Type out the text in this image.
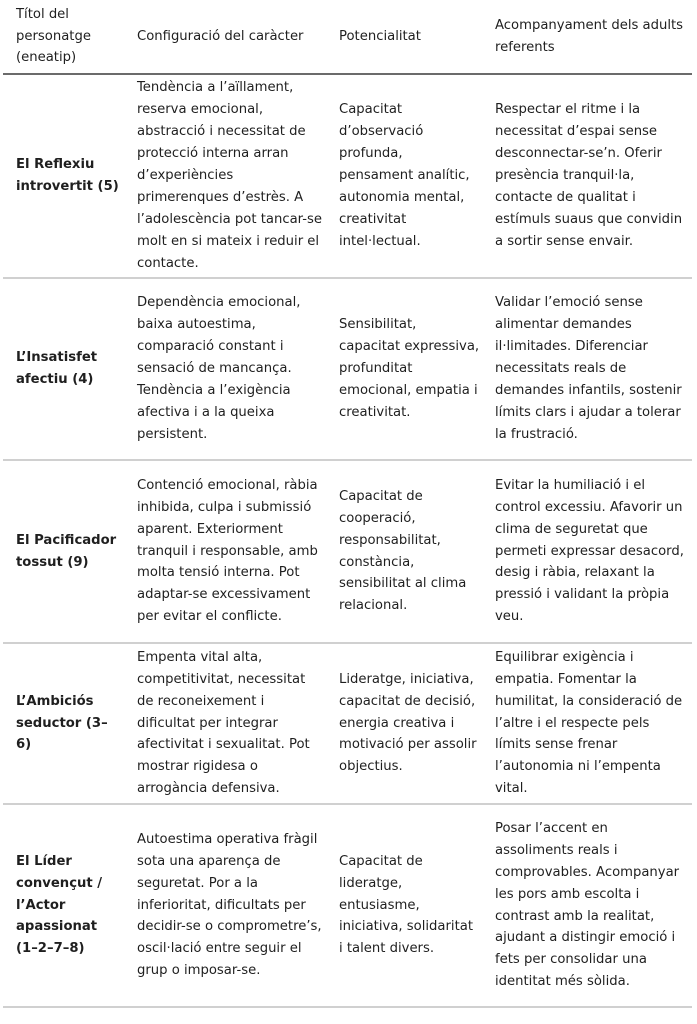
Títol del personatge (eneatip)	Configuració del caràcter	Potencialitat	Acompanyament dels adults referents
El Reflexiu introvertit (5)	Tendència a l’aïllament, reserva emocional, abstracció i necessitat de protecció interna arran d’experiències primerenques d’estrès. A l’adolescència pot tancar-se molt en si mateix i reduir el contacte.	Capacitat d’observació profunda, pensament analític, autonomia mental, creativitat intel·lectual.	Respectar el ritme i la necessitat d’espai sense desconnectar-se’n. Oferir presència tranquil·la, contacte de qualitat i estímuls suaus que convidin a sortir sense envair.
L’Insatisfet afectiu (4)	Dependència emocional, baixa autoestima, comparació constant i sensació de mancança. Tendència a l’exigència afectiva i a la queixa persistent.	Sensibilitat, capacitat expressiva, profunditat emocional, empatia i creativitat.	Validar l’emoció sense alimentar demandes il·limitades. Diferenciar necessitats reals de demandes infantils, sostenir límits clars i ajudar a tolerar la frustració.
El Pacificador tossut (9)	Contenció emocional, ràbia inhibida, culpa i submissió aparent. Exteriorment tranquil i responsable, amb molta tensió interna. Pot adaptar-se excessivament per evitar el conflicte.	Capacitat de cooperació, responsabilitat, constància, sensibilitat al clima relacional.	Evitar la humiliació i el control excessiu. Afavorir un clima de seguretat que permeti expressar desacord, desig i ràbia, relaxant la pressió i validant la pròpia veu.
L’Ambiciós seductor (3–6)	Empenta vital alta, competitivitat, necessitat de reconeixement i dificultat per integrar afectivitat i sexualitat. Pot mostrar rigidesa o arrogància defensiva.	Lideratge, iniciativa, capacitat de decisió, energia creativa i motivació per assolir objectius.	Equilibrar exigència i empatia. Fomentar la humilitat, la consideració de l’altre i el respecte pels límits sense frenar l’autonomia ni l’empenta vital.
El Líder convençut / l’Actor apassionat (1–2–7–8)	Autoestima operativa fràgil sota una aparença de seguretat. Por a la inferioritat, dificultats per decidir-se o comprometre’s, oscil·lació entre seguir el grup o imposar-se.	Capacitat de lideratge, entusiasme, iniciativa, solidaritat i talent divers.	Posar l’accent en assoliments reals i comprovables. Acompanyar les pors amb escolta i contrast amb la realitat, ajudant a distingir emoció i fets per consolidar una identitat més sòlida.
